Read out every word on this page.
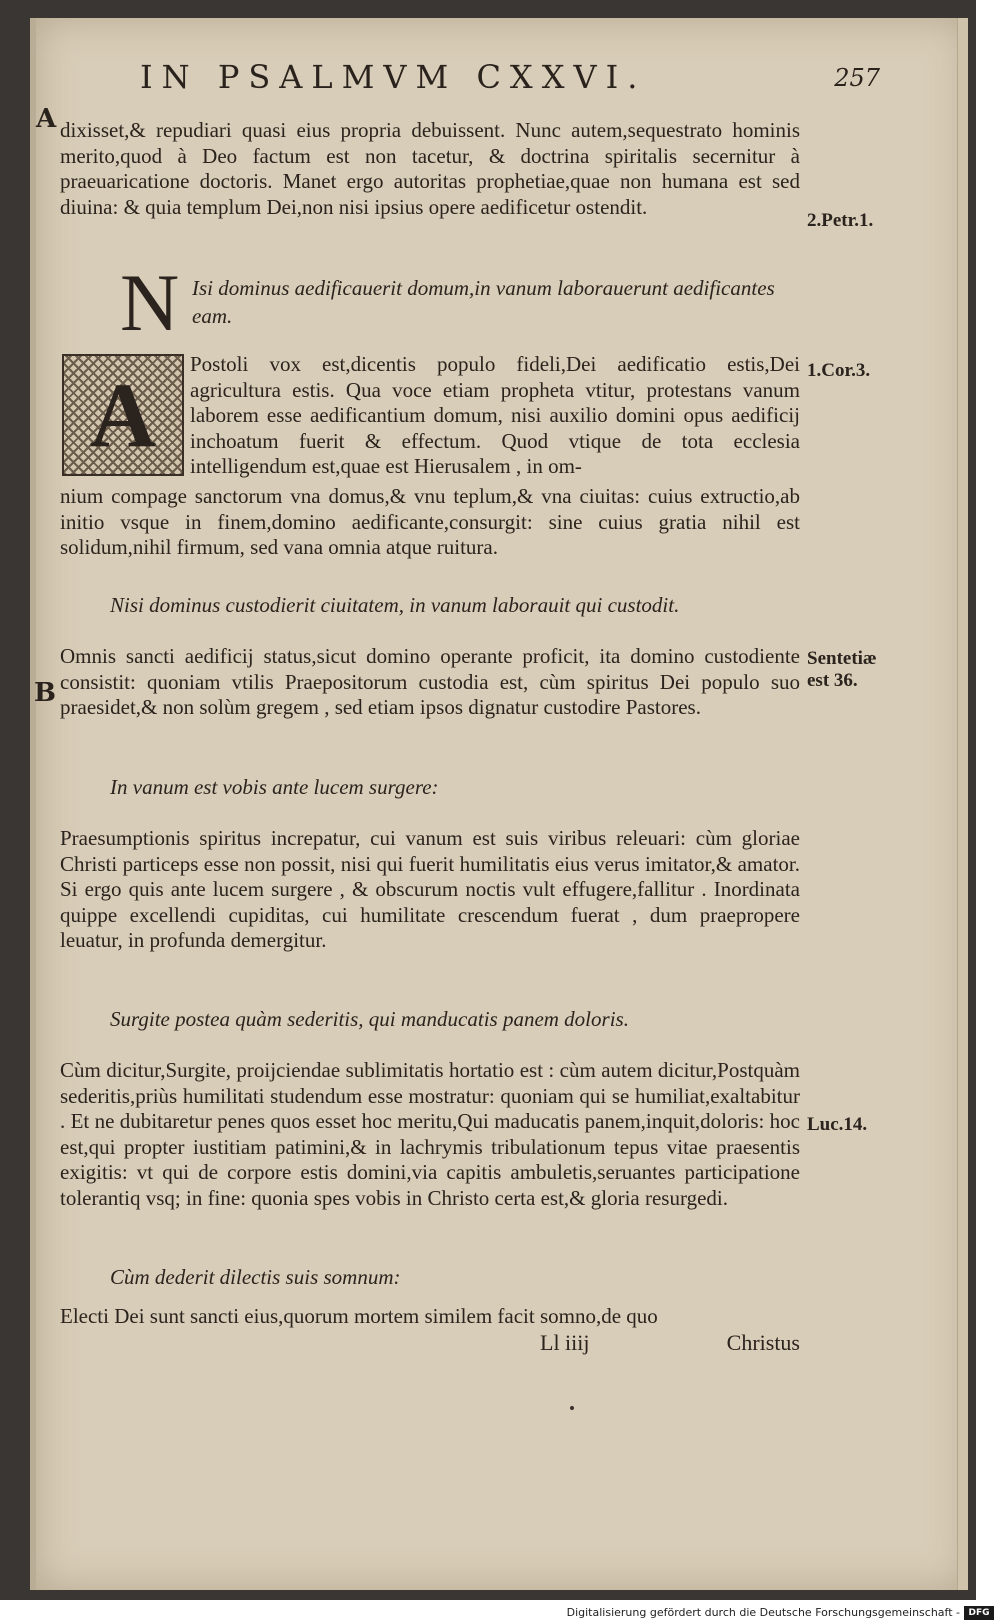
IN PSALMVM CXXVI.	257
A
B
dixisset,& repudiari quasi eius propria debuissent. Nunc autem,sequestrato hominis merito,quod à Deo factum est non tacetur, & doctrina spiritalis secernitur à praeuaricatione doctoris. Manet ergo autoritas prophetiae,quae non humana est sed diuina: & quia templum Dei,non nisi ipsius opere aedificetur ostendit.
N Isi dominus aedificauerit domum,in vanum laborauerunt aedificantes eam.
A	Postoli vox est,dicentis populo fideli,Dei aedificatio estis,Dei agricultura estis. Qua voce etiam propheta vtitur, protestans vanum laborem esse aedificantium domum, nisi auxilio domini opus aedificij inchoatum fuerit & effectum. Quod vtique de tota ecclesia intelligendum est,quae est Hierusalem , in om-
nium compage sanctorum vna domus,& vnu teplum,& vna ciuitas: cuius extructio,ab initio vsque in finem,domino aedificante,consurgit: sine cuius gratia nihil est solidum,nihil firmum, sed vana omnia atque ruitura.
Nisi dominus custodierit ciuitatem, in vanum laborauit qui custodit.
Omnis sancti aedificij status,sicut domino operante proficit, ita domino custodiente consistit: quoniam vtilis Praepositorum custodia est, cùm spiritus Dei populo suo praesidet,& non solùm gregem , sed etiam ipsos dignatur custodire Pastores.
In vanum est vobis ante lucem surgere:
Praesumptionis spiritus increpatur, cui vanum est suis viribus releuari: cùm gloriae Christi particeps esse non possit, nisi qui fuerit humilitatis eius verus imitator,& amator. Si ergo quis ante lucem surgere , & obscurum noctis vult effugere,fallitur . Inordinata quippe excellendi cupiditas, cui humilitate crescendum fuerat , dum praepropere leuatur, in profunda demergitur.
Surgite postea quàm sederitis, qui manducatis panem doloris.
Cùm dicitur,Surgite, proijciendae sublimitatis hortatio est : cùm autem dicitur,Postquàm sederitis,priùs humilitati studendum esse mostratur: quoniam qui se humiliat,exaltabitur . Et ne dubitaretur penes quos esset hoc meritu,Qui maducatis panem,inquit,doloris: hoc est,qui propter iustitiam patimini,& in lachrymis tribulationum tepus vitae praesentis exigitis: vt qui de corpore estis domini,via capitis ambuletis,seruantes participatione tolerantiq vsq; in fine: quonia spes vobis in Christo certa est,& gloria resurgedi.
Cùm dederit dilectis suis somnum:
Electi Dei sunt sancti eius,quorum mortem similem facit somno,de quo
Ll iiij	Christus
2.Petr.1.
1.Cor.3.
Sentetiæ est 36.
Luc.14.
Digitalisierung gefördert durch die Deutsche Forschungsgemeinschaft - DFG
